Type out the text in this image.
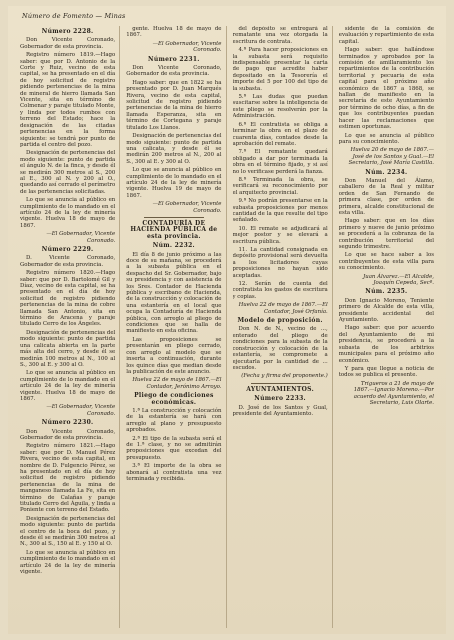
Número de Fomento — Minas
Número 2228.

Don Vicente Coronado, Gobernador de esta provincia.

Registro número 1819.—Hago saber: que por D. Antonio de la Corte y Ruiz, vecino de esta capital, se ha presentado en el día de hoy solicitud de registro pidiendo pertenencias de la mina de mineral de hierro llamada San Vicente, sita en término de Colmenar y paraje titulado Monte, y linda por todos rumbos con terreno del Estado; hace la designación de las citadas pertenencias en la forma siguiente: se tendrá por punto de partida el centro del pozo.

Designación de pertenencias del modo siguiente: punto de partida el ángulo N. de la finca, y desde él se medirán 300 metros al S., 200 al E., 300 al N. y 200 al O., quedando así cerrado el perímetro de las pertenencias solicitadas.

Lo que se anuncia al público en cumplimiento de lo mandado en el artículo 24 de la ley de minería vigente. Huelva 18 de mayo de 1867.

—El Gobernador, Vicente Coronado.

Número 2229.

D. Vicente Coronado, Gobernador de esta provincia.

Registro número 1820.—Hago saber: que por D. Bartolomé Gil y Díaz, vecino de esta capital, se ha presentado en el día de hoy solicitud de registro pidiendo pertenencias de la mina de cobre llamada San Antonio, sita en término de Aracena y paraje titulado Cerro de los Ángeles.

Designación de pertenencias del modo siguiente: punto de partida una calicata abierta en la parte más alta del cerro, y desde él se medirán 100 metros al N., 100 al S., 300 al E. y 300 al O.

Lo que se anuncia al público en cumplimiento de lo mandado en el artículo 24 de la ley de minería vigente. Huelva 18 de mayo de 1867.

—El Gobernador, Vicente Coronado.

Número 2230.

Don Vicente Coronado, Gobernador de esta provincia.

Registro número 1821.—Hago saber: que por D. Manuel Pérez Rivera, vecino de esta capital, en nombre de D. Fulgencio Pérez, se ha presentado en el día de hoy solicitud de registro pidiendo pertenencias de la mina de manganeso llamada La Fe, sita en término de Calañas y paraje titulado Cerro del Águila, y linda a Poniente con terreno del Estado.

Designación de pertenencias del modo siguiente: punto de partida el centro de la boca del pozo, y desde él se medirán 300 metros al N., 300 al S., 150 al E. y 150 al O.

Lo que se anuncia al público en cumplimiento de lo mandado en el artículo 24 de la ley de minería vigente.

gente. Huelva 18 de mayo de 1867.

—El Gobernador, Vicente Coronado.

Número 2231.

Don Vicente Coronado, Gobernador de esta provincia.

Hago saber: que en 1822 se ha presentado por D. Juan Marqués Rivera, vecino de esta capital, solicitud de registro pidiendo pertenencias de la mina de hierro llamada Esperanza, sita en término de Cortegana y paraje titulado Los Llanos.

Designación de pertenencias del modo siguiente: punto de partida una calicata, y desde él se medirán 200 metros al N., 200 al S., 300 al E. y 300 al O.

Lo que se anuncia al público en cumplimiento de lo mandado en el artículo 24 de la ley de minería vigente. Huelva 19 de mayo de 1867.

—El Gobernador, Vicente Coronado.

CONTADURÍA DE HACIENDA PÚBLICA de esta provincia.
Núm. 2232.

El día 8 de junio próximo a las doce de su mañana, se procederá a la subasta pública en el despacho del Sr. Gobernador, bajo su presidencia y con asistencia de los Sres. Contador de Hacienda pública y escribano de Hacienda, de la construcción y colocación de una estantería en el local que ocupa la Contaduría de Hacienda pública, con arreglo al pliego de condiciones que se halla de manifiesto en esta oficina.

Las proposiciones se presentarán en pliego cerrado, con arreglo al modelo que se inserta a continuación, durante los quince días que median desde la publicación de este anuncio.

Huelva 22 de mayo de 1867.—El Contador, Jerónimo Arroyo.

Pliego de condiciones económicas.

1.ª La construcción y colocación de la estantería se hará con arreglo al plano y presupuesto aprobados.

2.ª El tipo de la subasta será el de 1.ª clase, y no se admitirán proposiciones que excedan del presupuesto.

3.ª El importe de la obra se abonará al contratista una vez terminada y recibida.

del depósito se entregará al rematante una vez otorgada la escritura de contrata.

4.ª Para hacer proposiciones en la subasta será requisito indispensable presentar la carta de pago que acredite haber depositado en la Tesorería el importe del 5 por 100 del tipo de la subasta.

5.ª Las dudas que puedan suscitarse sobre la inteligencia de este pliego se resolverán por la Administración.

6.ª El contratista se obliga a terminar la obra en el plazo de cuarenta días, contados desde la aprobación del remate.

7.ª El rematante quedará obligado a dar por terminada la obra en el término fijado, y si así no lo verificase perderá la fianza.

8.ª Terminada la obra, se verificará su reconocimiento por el arquitecto provincial.

9.ª No podrán presentarse en la subasta proposiciones por menos cantidad de la que resulte del tipo señalado.

10. El remate se adjudicará al mejor postor y se elevará a escritura pública.

11. La cantidad consignada en depósito provisional será devuelta a los licitadores cuyas proposiciones no hayan sido aceptadas.

12. Serán de cuenta del contratista los gastos de escritura y copias.

Huelva 22 de mayo de 1867.—El Contador, José Orfanía.

Modelo de proposición.

Don N. de N., vecino de ..., enterado del pliego de condiciones para la subasta de la construcción y colocación de la estantería, se compromete a ejecutarla por la cantidad de ... escudos.

(Fecha y firma del proponente.)

AYUNTAMIENTOS.
Número 2233.

D. José de los Santos y Gual, presidente del Ayuntamiento.

sidente de la comisión de evaluación y repartimiento de esta capital.

Hago saber: que hallándose terminados y aprobados por la comisión de amillaramiento los repartimientos de la contribución territorial y pecuaria de esta capital para el próximo año económico de 1867 a 1868, se hallan de manifiesto en la secretaría de este Ayuntamiento por término de ocho días, a fin de que los contribuyentes puedan hacer las reclamaciones que estimen oportunas.

Lo que se anuncia al público para su conocimiento.

Huelva 20 de mayo de 1867.—José de los Santos y Gual.—El Secretario, José María Castilla.

Núm. 2234.

Don Manuel del Álamo, caballero de la Real y militar orden de San Fernando de primera clase, por orden de primera, alcalde constitucional de esta villa.

Hago saber: que en los días primero y nueve de junio próximo se procederá a la cobranza de la contribución territorial del segundo trimestre.

Lo que se hace saber a los contribuyentes de esta villa para su conocimiento.

Juan Álvarez.—El Alcalde, Joaquín Cepeda, Secº.

Núm. 2235.

Don Ignacio Moreno, Teniente primero de Alcalde de esta villa, presidente accidental del Ayuntamiento.

Hago saber: que por acuerdo del Ayuntamiento de mi presidencia, se procederá a la subasta de los arbitrios municipales para el próximo año económico.

Y para que llegue a noticia de todos se publica el presente.

Trigueros a 21 de mayo de 1867.—Ignacio Moreno.—Por acuerdo del Ayuntamiento, el Secretario, Luis Olarte.
